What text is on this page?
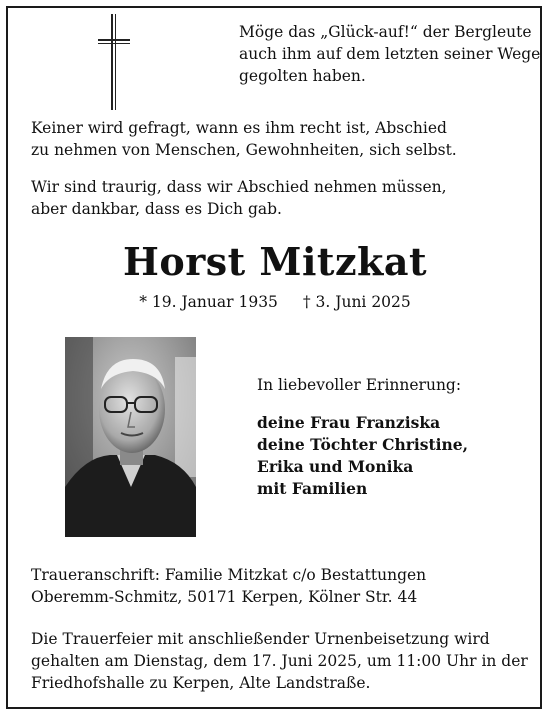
Möge das „Glück-auf!“ der Bergleute
auch ihm auf dem letzten seiner Wege
gegolten haben.
Keiner wird gefragt, wann es ihm recht ist, Abschied
zu nehmen von Menschen, Gewohnheiten, sich selbst.
Wir sind traurig, dass wir Abschied nehmen müssen,
aber dankbar, dass es Dich gab.
Horst Mitzkat
* 19. Januar 1935 † 3. Juni 2025
In liebevoller Erinnerung:
deine Frau Franziska
deine Töchter Christine,
Erika und Monika
mit Familien
Traueranschrift: Familie Mitzkat c/o Bestattungen
Oberemm-Schmitz, 50171 Kerpen, Kölner Str. 44
Die Trauerfeier mit anschließender Urnenbeisetzung wird
gehalten am Dienstag, dem 17. Juni 2025, um 11:00 Uhr in der
Friedhofshalle zu Kerpen, Alte Landstraße.
